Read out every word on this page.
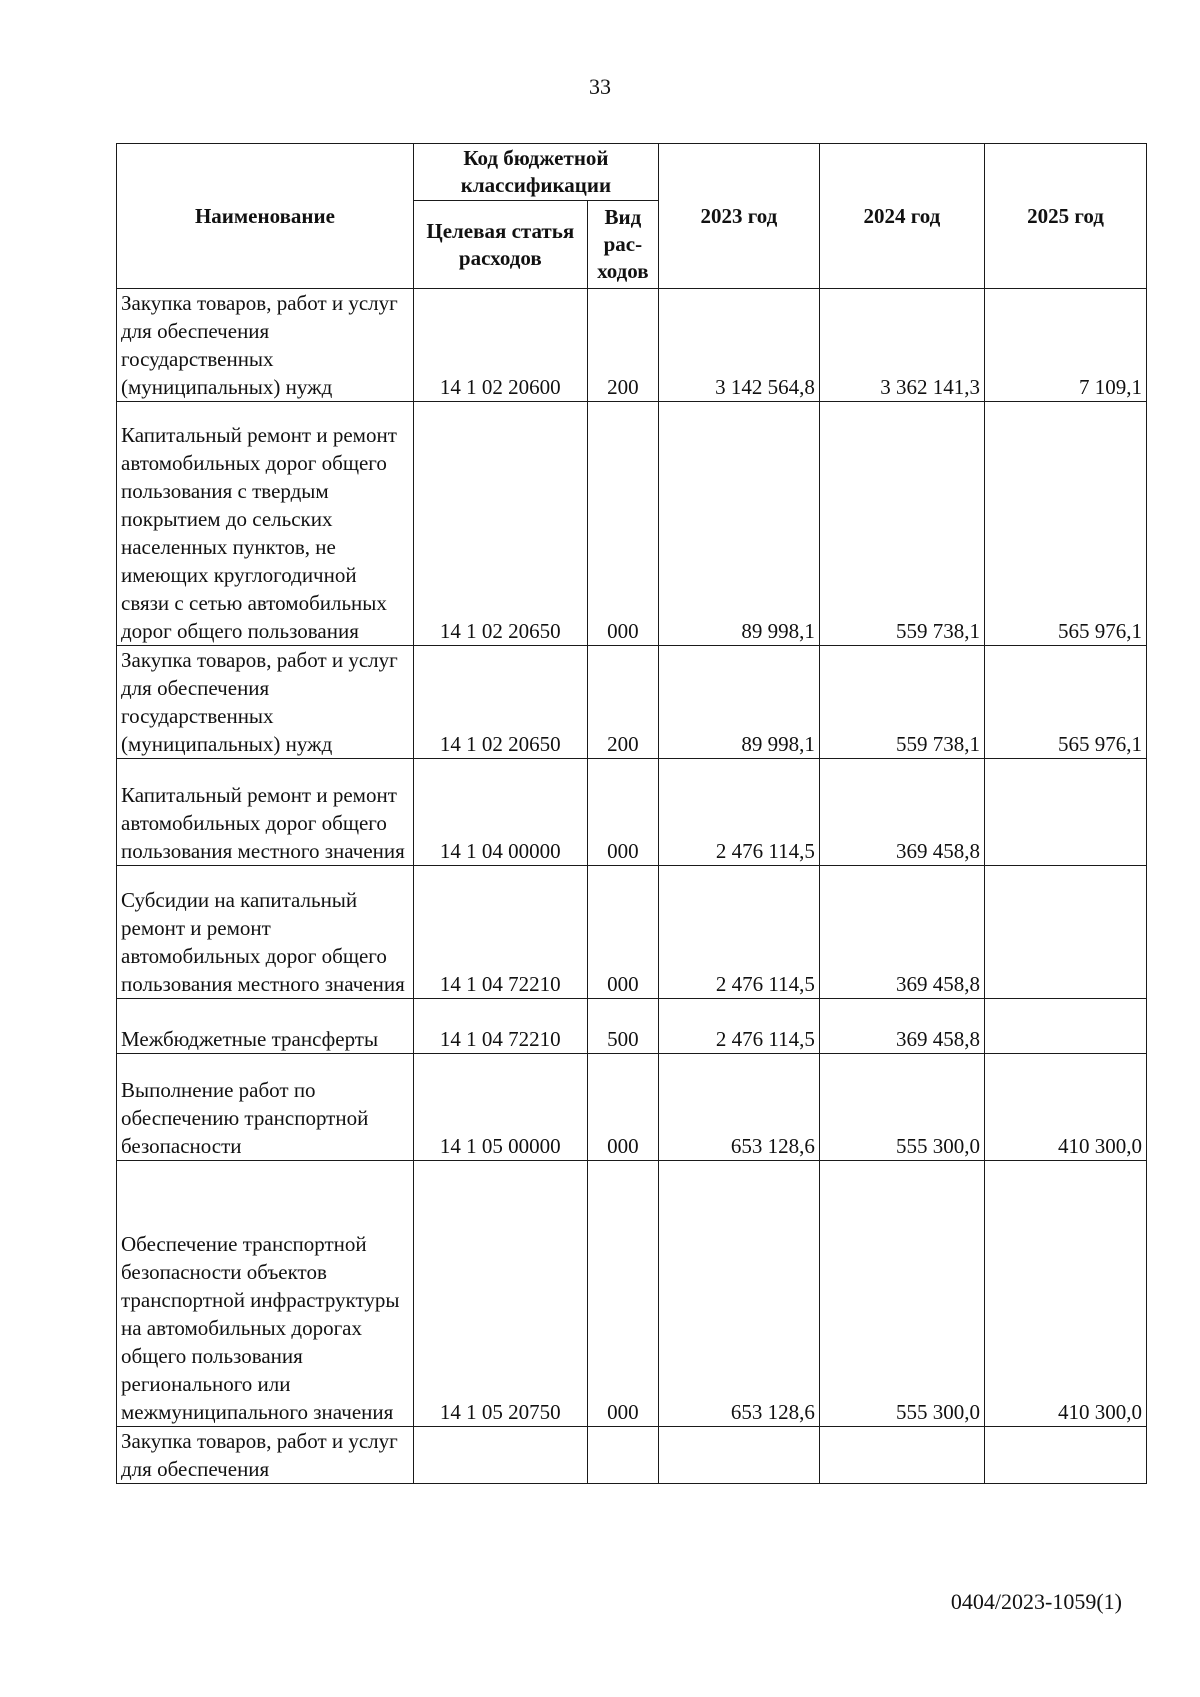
33
Наименование	Код бюджетной классификации		2023 год	2024 год	2025 год
	Целевая статья расходов	Вид рас-ходов			
Закупка товаров, работ и услуг для обеспечения государственных (муниципальных) нужд	14 1 02 20600	200	3 142 564,8	3 362 141,3	7 109,1
Капитальный ремонт и ремонт автомобильных дорог общего пользования с твердым покрытием до сельских населенных пунктов, не имеющих круглогодичной связи с сетью автомобильных дорог общего пользования	14 1 02 20650	000	89 998,1	559 738,1	565 976,1
Закупка товаров, работ и услуг для обеспечения государственных (муниципальных) нужд	14 1 02 20650	200	89 998,1	559 738,1	565 976,1
Капитальный ремонт и ремонт автомобильных дорог общего пользования местного значения	14 1 04 00000	000	2 476 114,5	369 458,8	
Субсидии на капитальный ремонт и ремонт автомобильных дорог общего пользования местного значения	14 1 04 72210	000	2 476 114,5	369 458,8	
Межбюджетные трансферты	14 1 04 72210	500	2 476 114,5	369 458,8	
Выполнение работ по обеспечению транспортной безопасности	14 1 05 00000	000	653 128,6	555 300,0	410 300,0
Обеспечение транспортной безопасности объектов транспортной инфраструктуры на автомобильных дорогах общего пользования регионального или межмуниципального значения	14 1 05 20750	000	653 128,6	555 300,0	410 300,0
Закупка товаров, работ и услуг для обеспечения					
0404/2023-1059(1)
